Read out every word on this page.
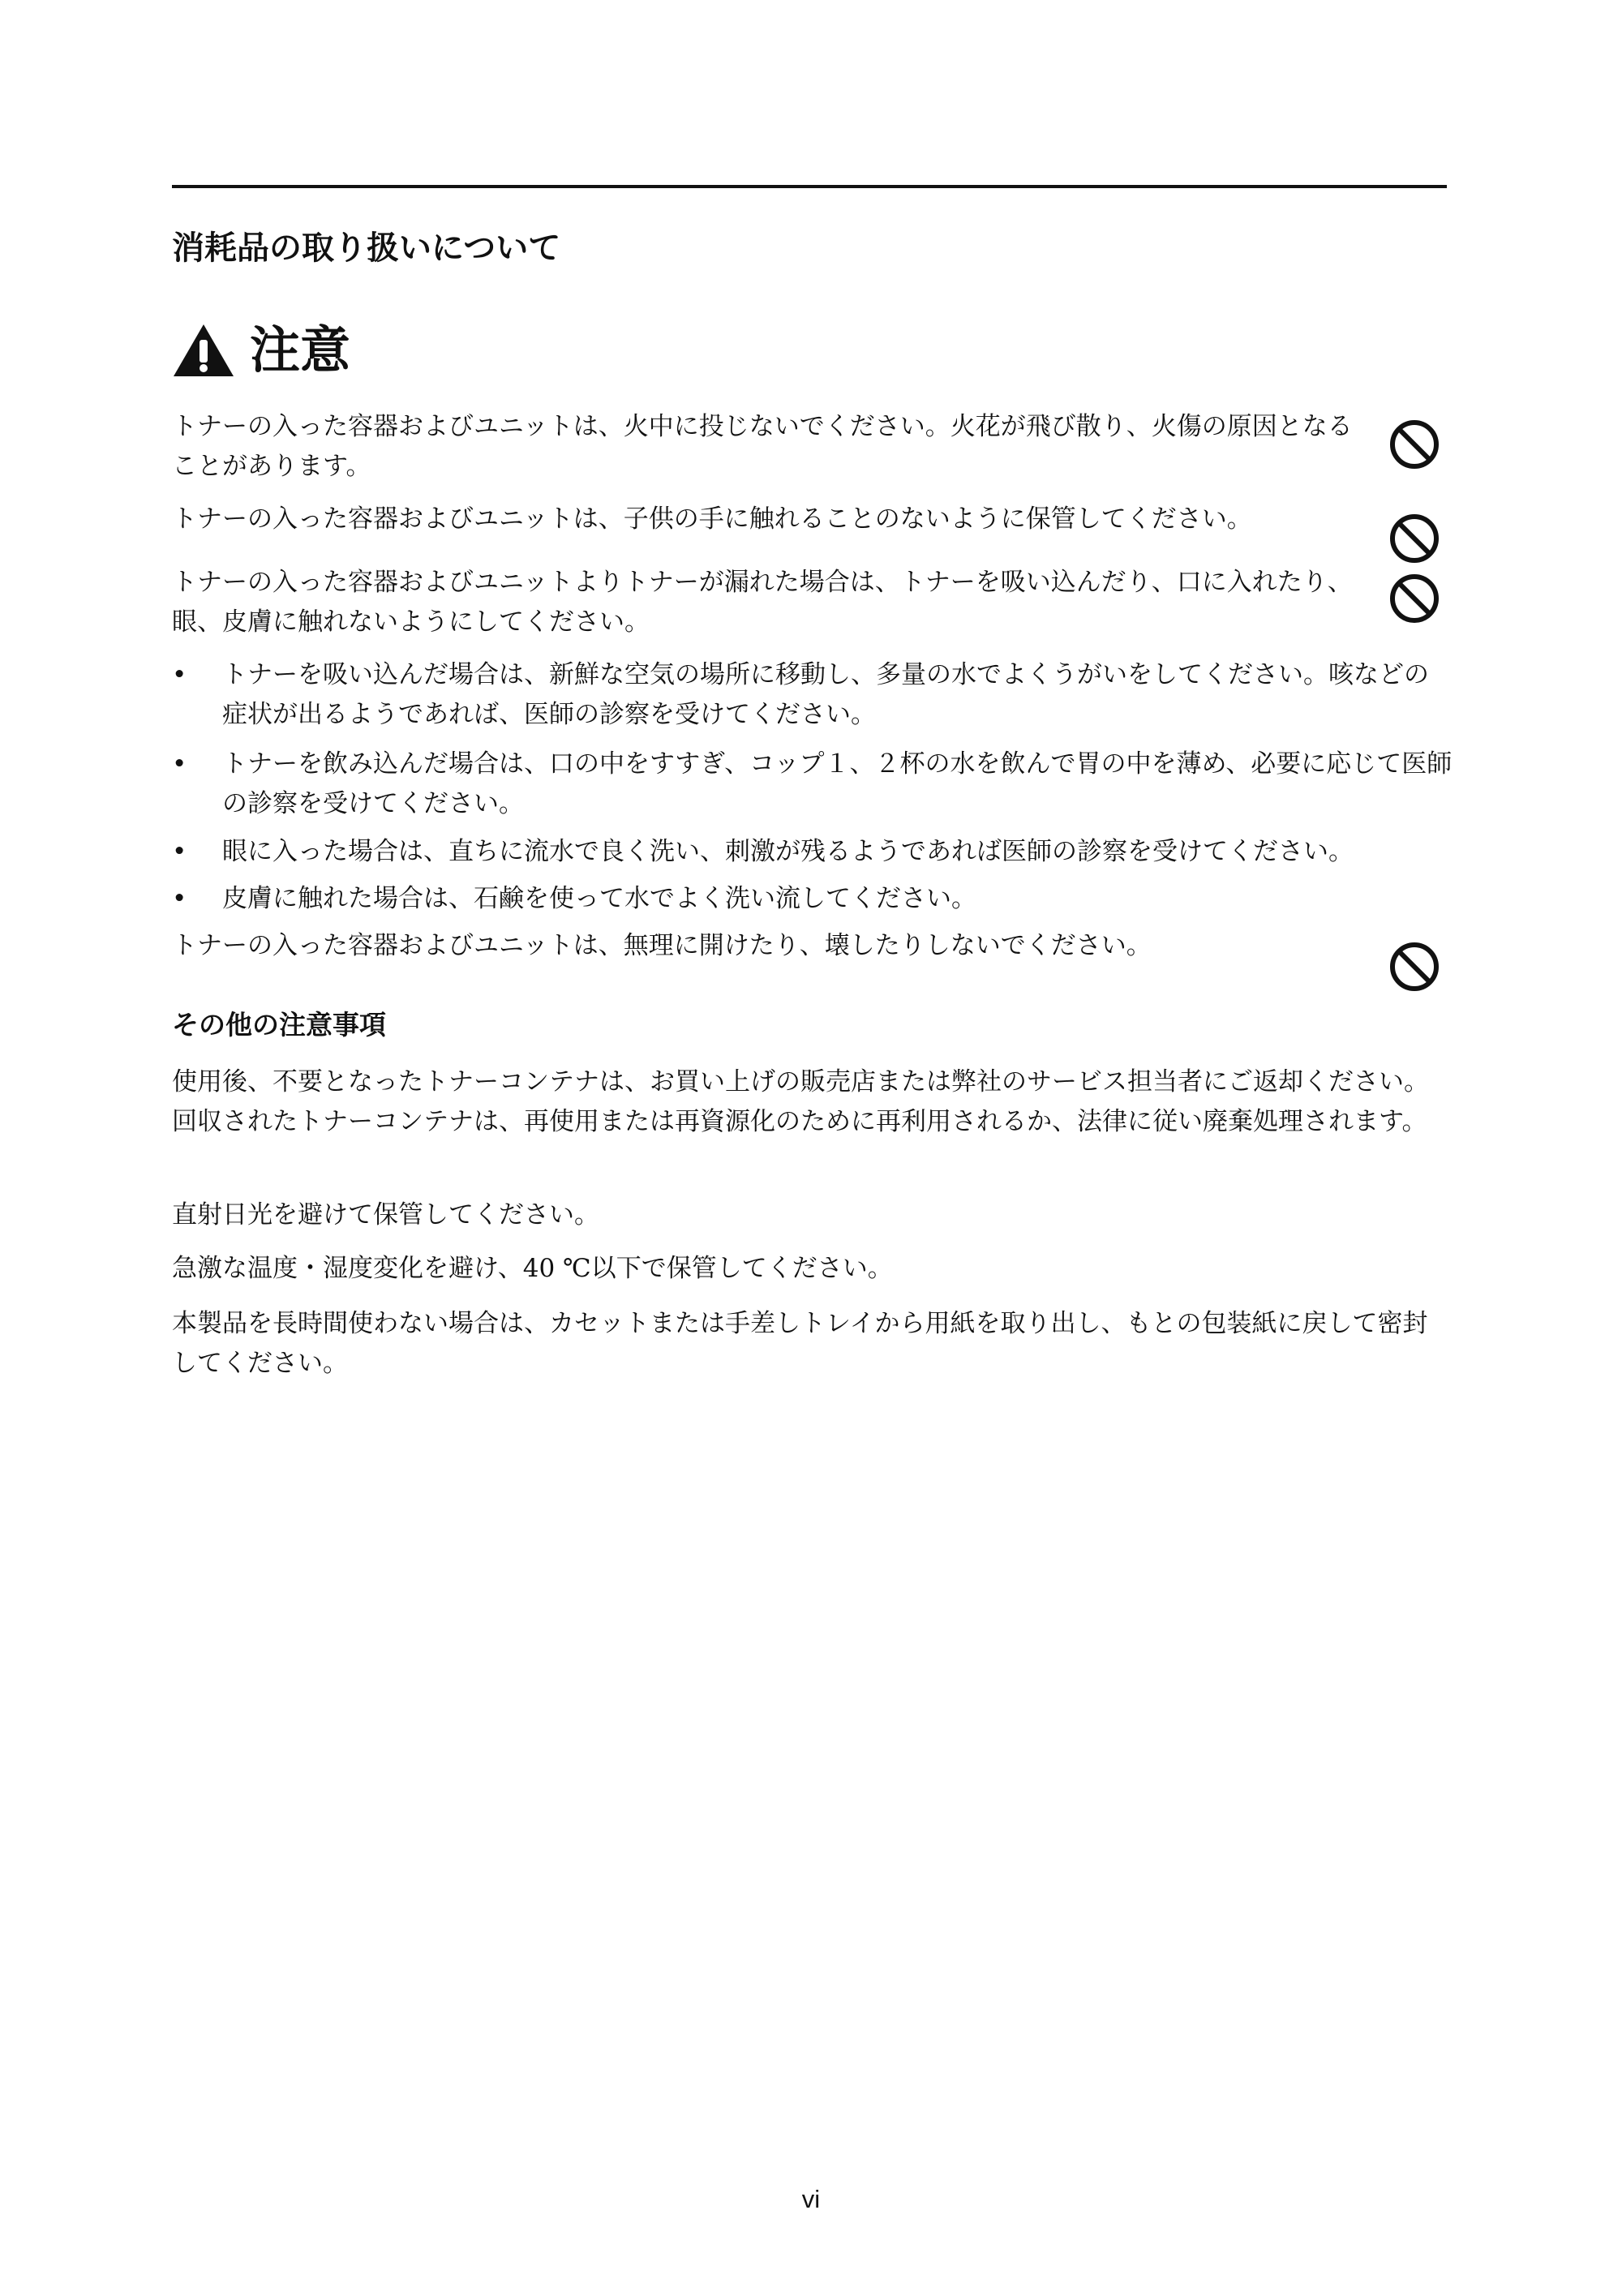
消耗品の取り扱いについて
注意

トナーの入った容器およびユニットは、火中に投じないでください。火花が飛び散り、火傷の原因となることがあります。

トナーの入った容器およびユニットは、子供の手に触れることのないように保管してください。

トナーの入った容器およびユニットよりトナーが漏れた場合は、トナーを吸い込んだり、口に入れたり、眼、皮膚に触れないようにしてください。

• トナーを吸い込んだ場合は、新鮮な空気の場所に移動し、多量の水でよくうがいをしてください。咳などの症状が出るようであれば、医師の診察を受けてください。
• トナーを飲み込んだ場合は、口の中をすすぎ、コップ１、２杯の水を飲んで胃の中を薄め、必要に応じて医師の診察を受けてください。
• 眼に入った場合は、直ちに流水で良く洗い、刺激が残るようであれば医師の診察を受けてください。
• 皮膚に触れた場合は、石鹸を使って水でよく洗い流してください。

トナーの入った容器およびユニットは、無理に開けたり、壊したりしないでください。

その他の注意事項

使用後、不要となったトナーコンテナは、お買い上げの販売店または弊社のサービス担当者にご返却ください。回収されたトナーコンテナは、再使用または再資源化のために再利用されるか、法律に従い廃棄処理されます。

直射日光を避けて保管してください。

急激な温度・湿度変化を避け、40 ℃以下で保管してください。

本製品を長時間使わない場合は、カセットまたは手差しトレイから用紙を取り出し、もとの包装紙に戻して密封してください。

vi
